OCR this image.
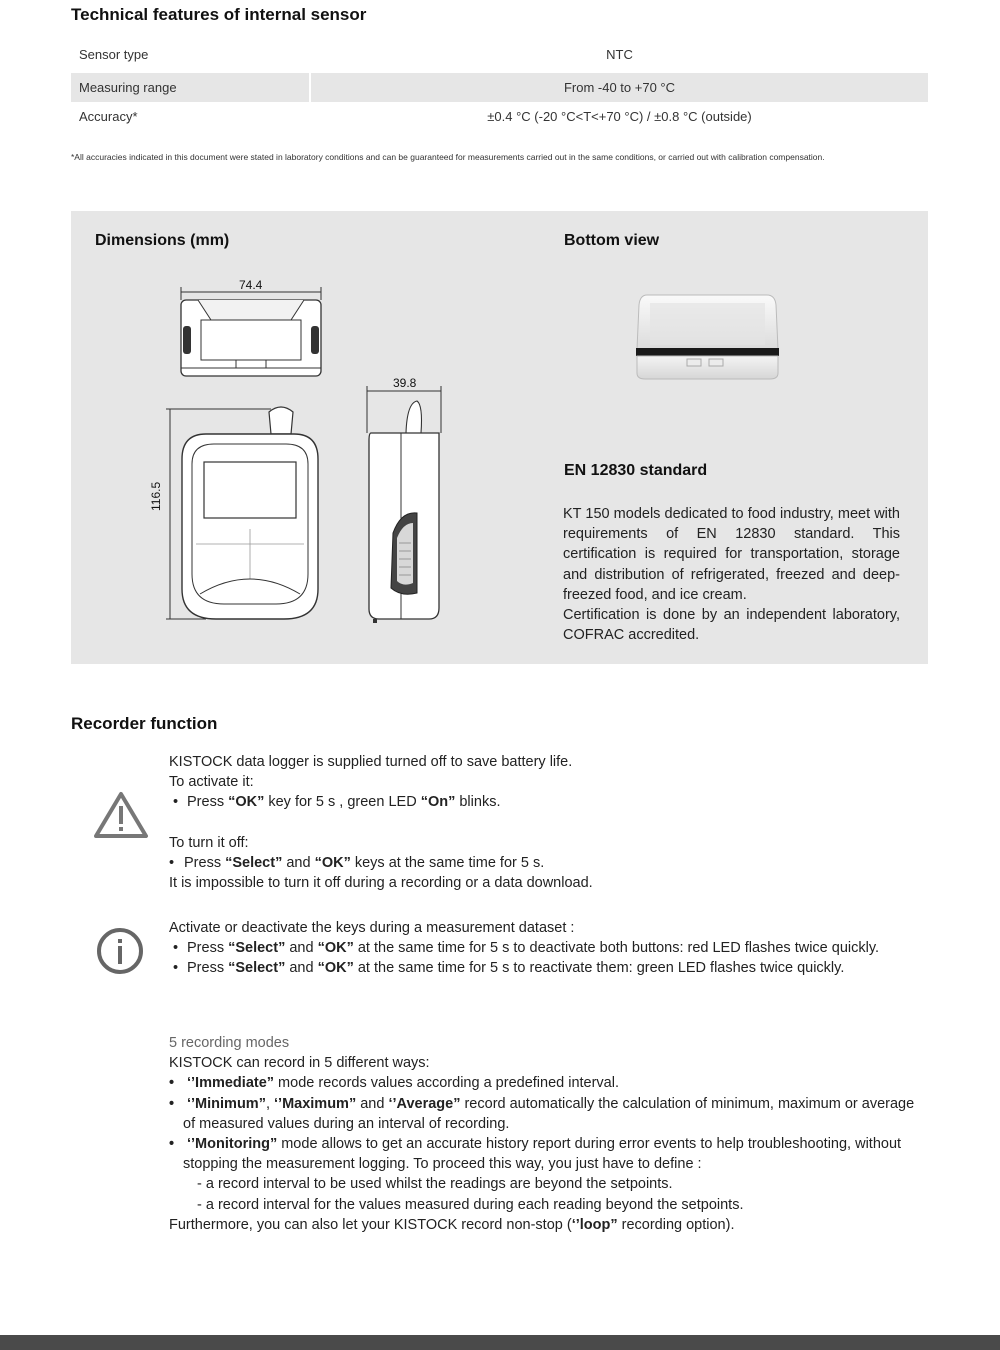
Technical features of internal sensor
Sensor type	NTC
Measuring range	From -40 to +70 °C
Accuracy*	±0.4 °C (-20 °C<T<+70 °C) / ±0.8 °C (outside)
*All accuracies indicated in this document were stated in laboratory conditions and can be guaranteed for measurements carried out in the same conditions, or carried out with calibration compensation.
Dimensions (mm)	Bottom view
74.4
116.5
39.8
EN 12830 standard

KT 150 models dedicated to food industry, meet with requirements of EN 12830 standard. This certification is required for transportation, storage and distribution of refrigerated, freezed and deep-freezed food, and ice cream.

Certification is done by an independent laboratory, COFRAC accredited.

Recorder function

KISTOCK data logger is supplied turned off to save battery life.

To activate it:

• Press “OK” key for 5 s , green LED “On” blinks.

To turn it off:

• Press “Select” and “OK” keys at the same time for 5 s.

It is impossible to turn it off during a recording or a data download.

Activate or deactivate the keys during a measurement dataset :

• Press “Select” and “OK” at the same time for 5 s to deactivate both buttons: red LED flashes twice quickly.

• Press “Select” and “OK” at the same time for 5 s to reactivate them: green LED flashes twice quickly.

5 recording modes

KISTOCK can record in 5 different ways:

• ‘’Immediate” mode records values according a predefined interval.

• ‘’Minimum”, ‘’Maximum” and ‘’Average” record automatically the calculation of minimum, maximum or average

of measured values during an interval of recording.

• ‘’Monitoring” mode allows to get an accurate history report during error events to help troubleshooting, without

stopping the measurement logging. To proceed this way, you just have to define :

- a record interval to be used whilst the readings are beyond the setpoints.

- a record interval for the values measured during each reading beyond the setpoints.

Furthermore, you can also let your KISTOCK record non-stop (‘’loop” recording option).
